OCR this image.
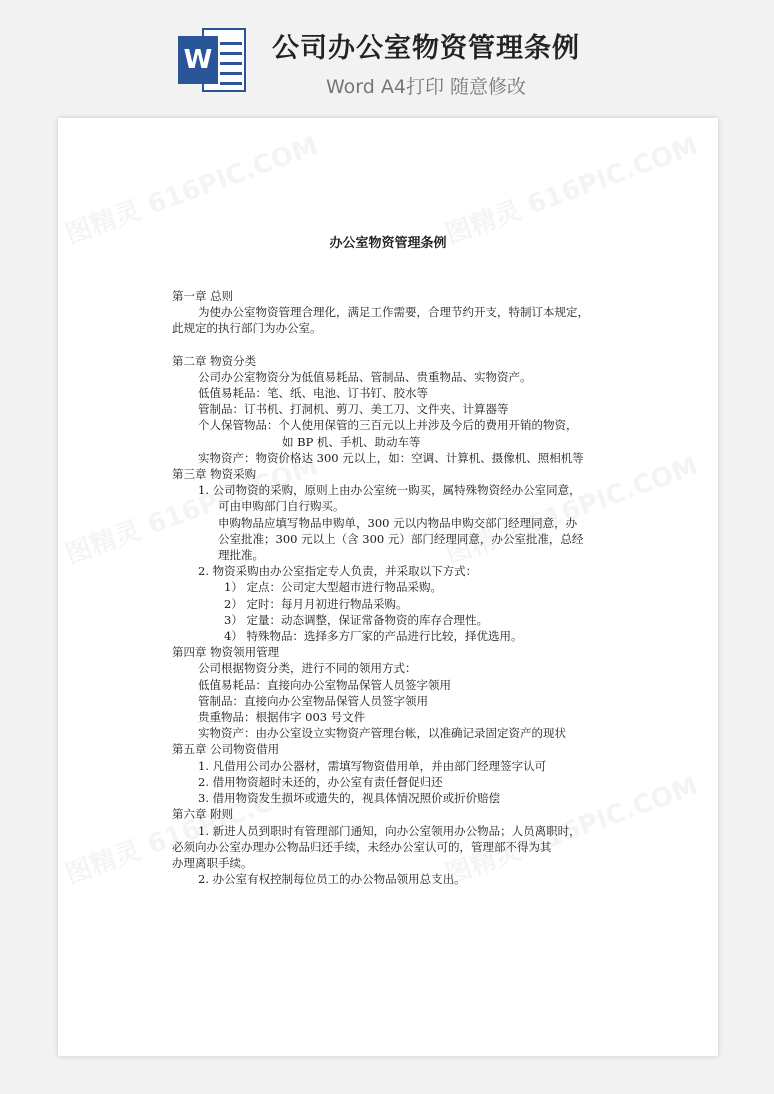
W 公司办公室物资管理条例
Word A4打印 随意修改
办公室物资管理条例
第一章 总则
为使办公室物资管理合理化，满足工作需要，合理节约开支，特制订本规定，
此规定的执行部门为办公室。
第二章 物资分类
公司办公室物资分为低值易耗品、管制品、贵重物品、实物资产。
低值易耗品：笔、纸、电池、订书钉、胶水等
管制品：订书机、打洞机、剪刀、美工刀、文件夹、计算器等
个人保管物品：个人使用保管的三百元以上并涉及今后的费用开销的物资，
如 BP 机、手机、助动车等
实物资产：物资价格达 300 元以上，如：空调、计算机、摄像机、照相机等
第三章 物资采购
1. 公司物资的采购，原则上由办公室统一购买，属特殊物资经办公室同意，
可由申购部门自行购买。
申购物品应填写物品申购单，300 元以内物品申购交部门经理同意，办
公室批准；300 元以上（含 300 元）部门经理同意，办公室批准，总经
理批准。
2. 物资采购由办公室指定专人负责，并采取以下方式：
1） 定点：公司定大型超市进行物品采购。
2） 定时：每月月初进行物品采购。
3） 定量：动态调整，保证常备物资的库存合理性。
4） 特殊物品：选择多方厂家的产品进行比较，择优选用。
第四章 物资领用管理
公司根据物资分类，进行不同的领用方式：
低值易耗品：直接向办公室物品保管人员签字领用
管制品：直接向办公室物品保管人员签字领用
贵重物品：根据伟字 003 号文件
实物资产：由办公室设立实物资产管理台帐，以准确记录固定资产的现状
第五章 公司物资借用
1. 凡借用公司办公器材，需填写物资借用单，并由部门经理签字认可
2. 借用物资超时未还的，办公室有责任督促归还
3. 借用物资发生损坏或遗失的，视具体情况照价或折价赔偿
第六章 附则
1. 新进人员到职时有管理部门通知，向办公室领用办公物品；人员离职时，
必须向办公室办理办公物品归还手续，未经办公室认可的，管理部不得为其
办理离职手续。
2. 办公室有权控制每位员工的办公物品领用总支出。
